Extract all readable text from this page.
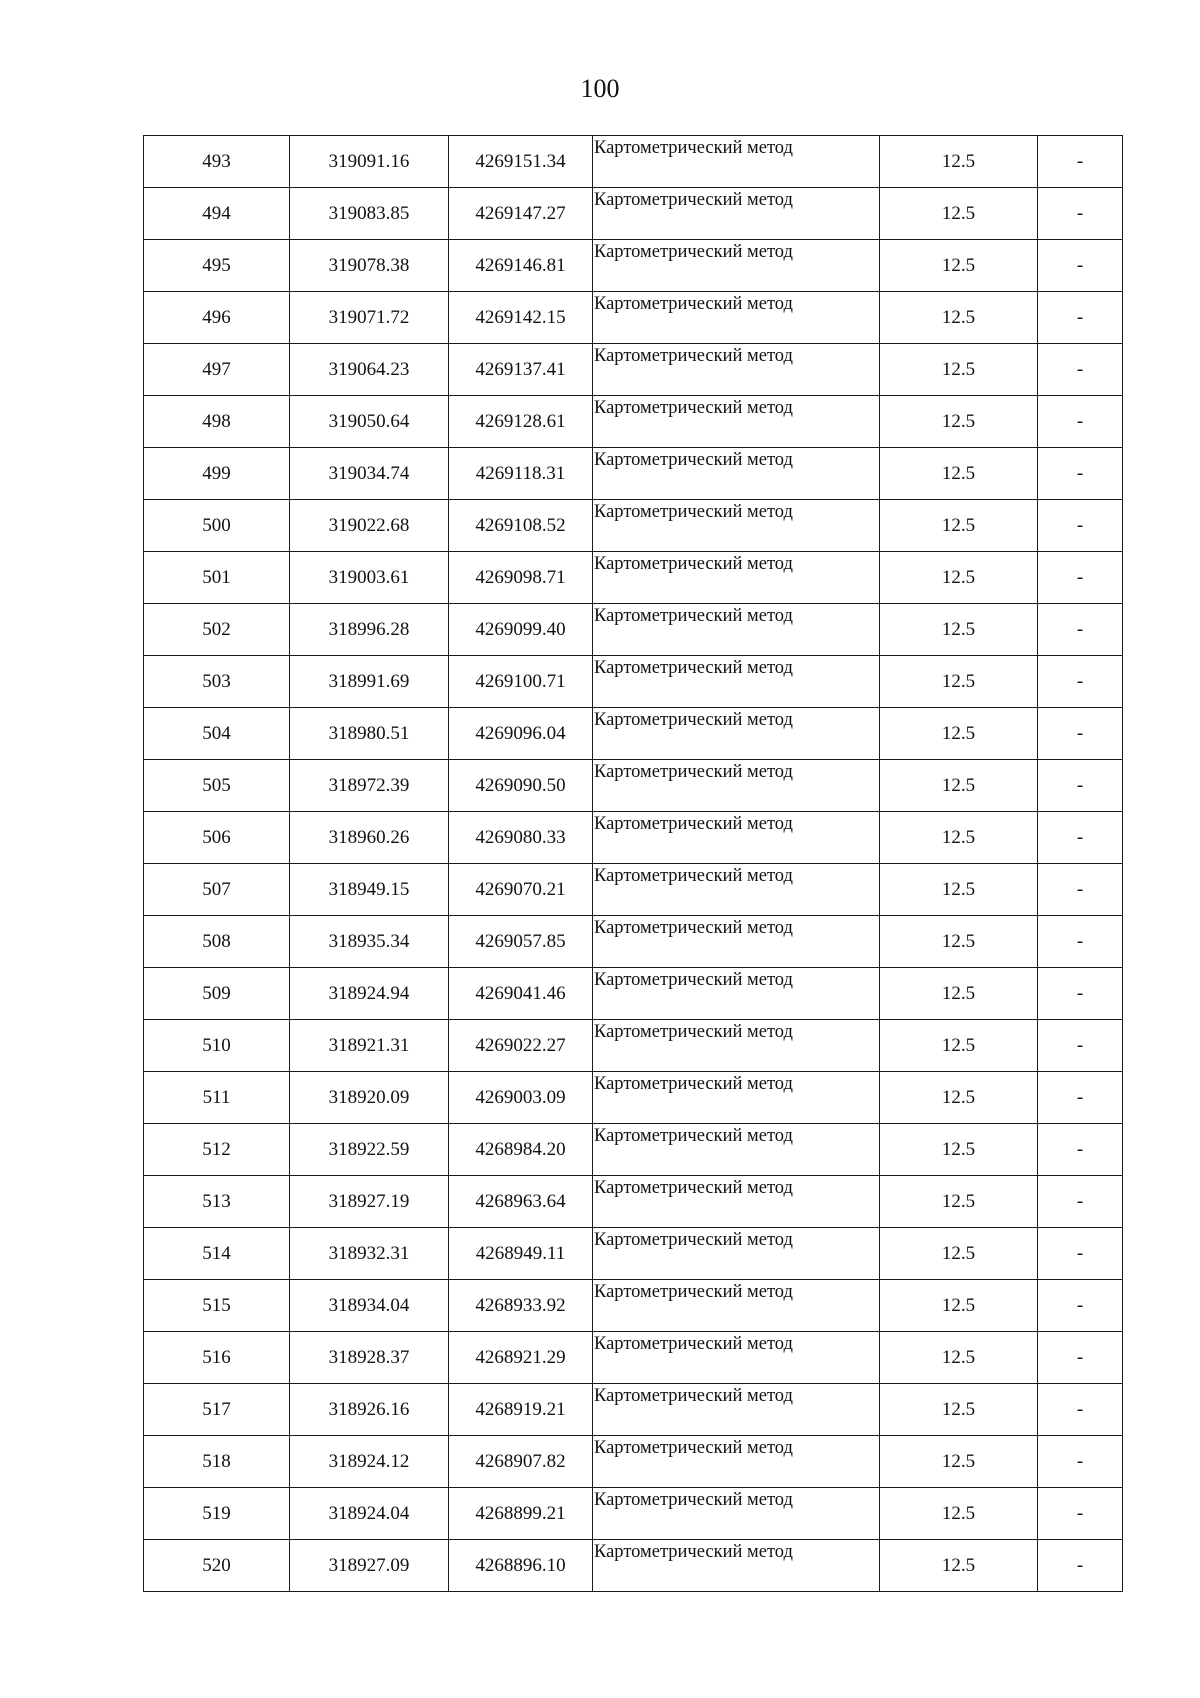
100
493	319091.16	4269151.34	Картометрический метод	12.5	-
494	319083.85	4269147.27	Картометрический метод	12.5	-
495	319078.38	4269146.81	Картометрический метод	12.5	-
496	319071.72	4269142.15	Картометрический метод	12.5	-
497	319064.23	4269137.41	Картометрический метод	12.5	-
498	319050.64	4269128.61	Картометрический метод	12.5	-
499	319034.74	4269118.31	Картометрический метод	12.5	-
500	319022.68	4269108.52	Картометрический метод	12.5	-
501	319003.61	4269098.71	Картометрический метод	12.5	-
502	318996.28	4269099.40	Картометрический метод	12.5	-
503	318991.69	4269100.71	Картометрический метод	12.5	-
504	318980.51	4269096.04	Картометрический метод	12.5	-
505	318972.39	4269090.50	Картометрический метод	12.5	-
506	318960.26	4269080.33	Картометрический метод	12.5	-
507	318949.15	4269070.21	Картометрический метод	12.5	-
508	318935.34	4269057.85	Картометрический метод	12.5	-
509	318924.94	4269041.46	Картометрический метод	12.5	-
510	318921.31	4269022.27	Картометрический метод	12.5	-
511	318920.09	4269003.09	Картометрический метод	12.5	-
512	318922.59	4268984.20	Картометрический метод	12.5	-
513	318927.19	4268963.64	Картометрический метод	12.5	-
514	318932.31	4268949.11	Картометрический метод	12.5	-
515	318934.04	4268933.92	Картометрический метод	12.5	-
516	318928.37	4268921.29	Картометрический метод	12.5	-
517	318926.16	4268919.21	Картометрический метод	12.5	-
518	318924.12	4268907.82	Картометрический метод	12.5	-
519	318924.04	4268899.21	Картометрический метод	12.5	-
520	318927.09	4268896.10	Картометрический метод	12.5	-
